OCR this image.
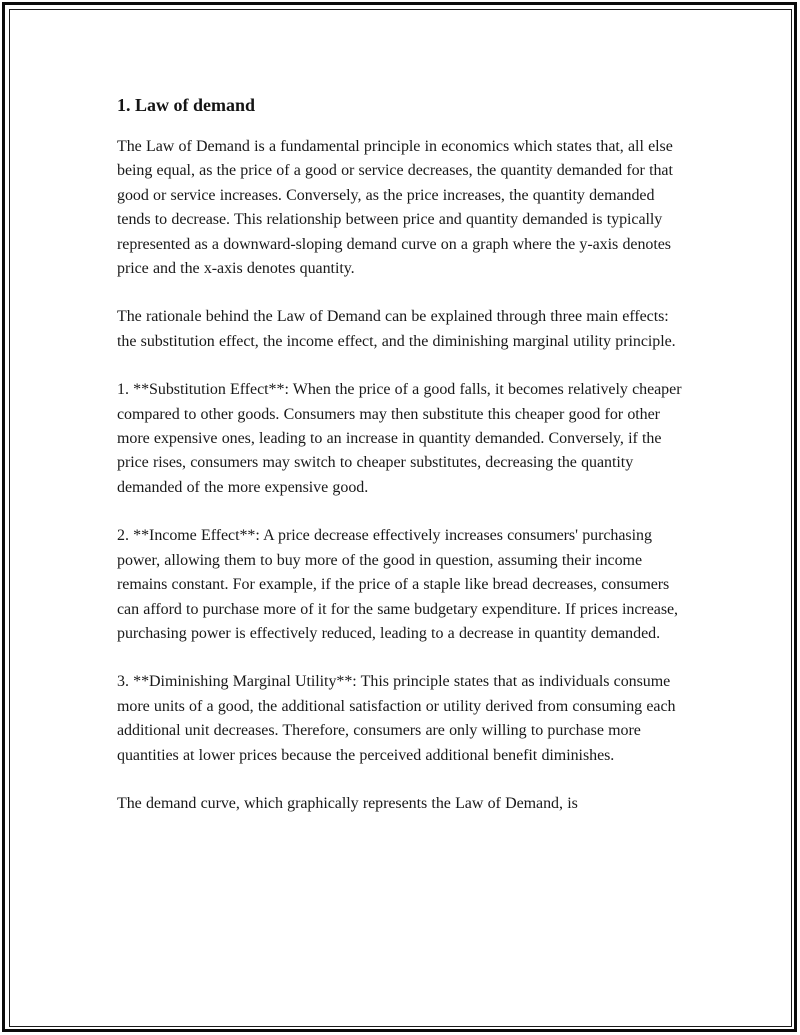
1. Law of demand

The Law of Demand is a fundamental principle in economics which states that, all else being equal, as the price of a good or service decreases, the quantity demanded for that good or service increases. Conversely, as the price increases, the quantity demanded tends to decrease. This relationship between price and quantity demanded is typically represented as a downward-sloping demand curve on a graph where the y-axis denotes price and the x-axis denotes quantity.

The rationale behind the Law of Demand can be explained through three main effects: the substitution effect, the income effect, and the diminishing marginal utility principle.

1. **Substitution Effect**: When the price of a good falls, it becomes relatively cheaper compared to other goods. Consumers may then substitute this cheaper good for other more expensive ones, leading to an increase in quantity demanded. Conversely, if the price rises, consumers may switch to cheaper substitutes, decreasing the quantity demanded of the more expensive good.

2. **Income Effect**: A price decrease effectively increases consumers' purchasing power, allowing them to buy more of the good in question, assuming their income remains constant. For example, if the price of a staple like bread decreases, consumers can afford to purchase more of it for the same budgetary expenditure. If prices increase, purchasing power is effectively reduced, leading to a decrease in quantity demanded.

3. **Diminishing Marginal Utility**: This principle states that as individuals consume more units of a good, the additional satisfaction or utility derived from consuming each additional unit decreases. Therefore, consumers are only willing to purchase more quantities at lower prices because the perceived additional benefit diminishes.

The demand curve, which graphically represents the Law of Demand, is
